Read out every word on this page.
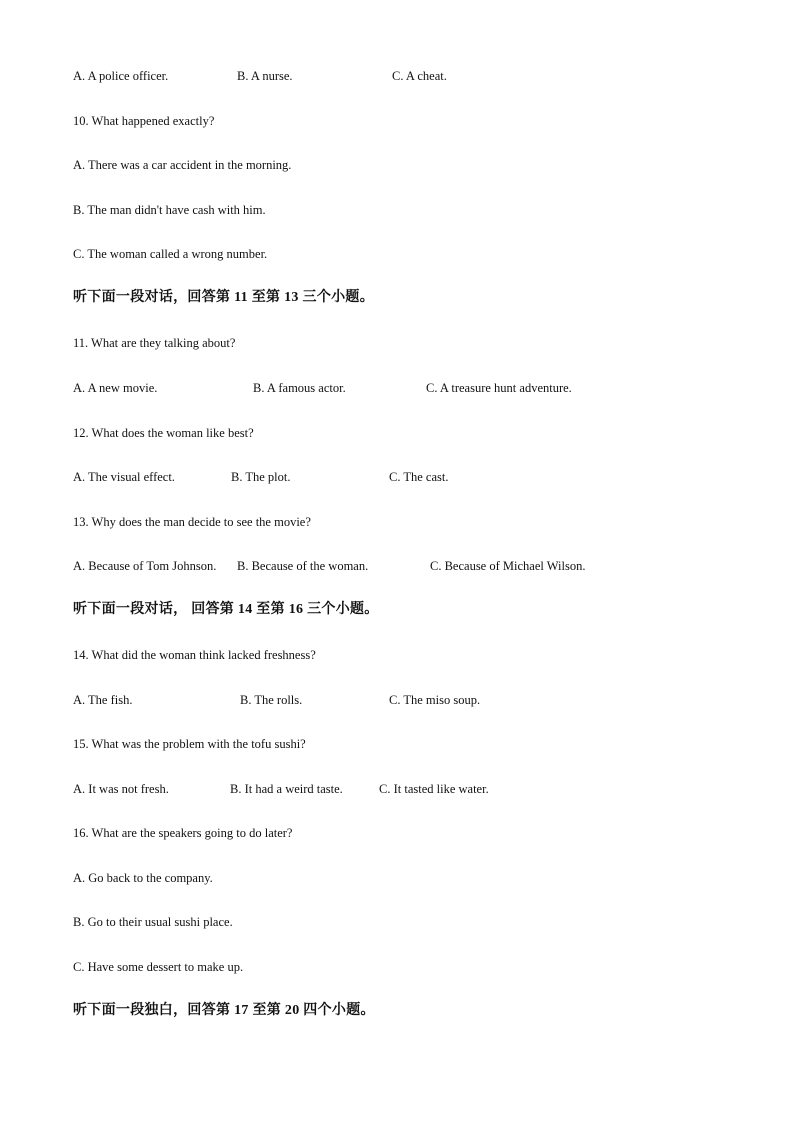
A. A police officer.	B. A nurse.	C. A cheat.
10. What happened exactly?
A. There was a car accident in the morning.
B. The man didn't have cash with him.
C. The woman called a wrong number.
听下面一段对话，回答第 11 至第 13 三个小题。
11. What are they talking about?
A. A new movie.	B. A famous actor.	C. A treasure hunt adventure.
12. What does the woman like best?
A. The visual effect.	B. The plot.	C. The cast.
13. Why does the man decide to see the movie?
A. Because of Tom Johnson. B. Because of the woman.	C. Because of Michael Wilson.
听下面一段对话， 回答第 14 至第 16 三个小题。
14. What did the woman think lacked freshness?
A. The fish.	B. The rolls.	C. The miso soup.
15. What was the problem with the tofu sushi?
A. It was not fresh.	B. It had a weird taste.	C. It tasted like water.
16. What are the speakers going to do later?
A. Go back to the company.
B. Go to their usual sushi place.
C. Have some dessert to make up.
听下面一段独白，回答第 17 至第 20 四个小题。
